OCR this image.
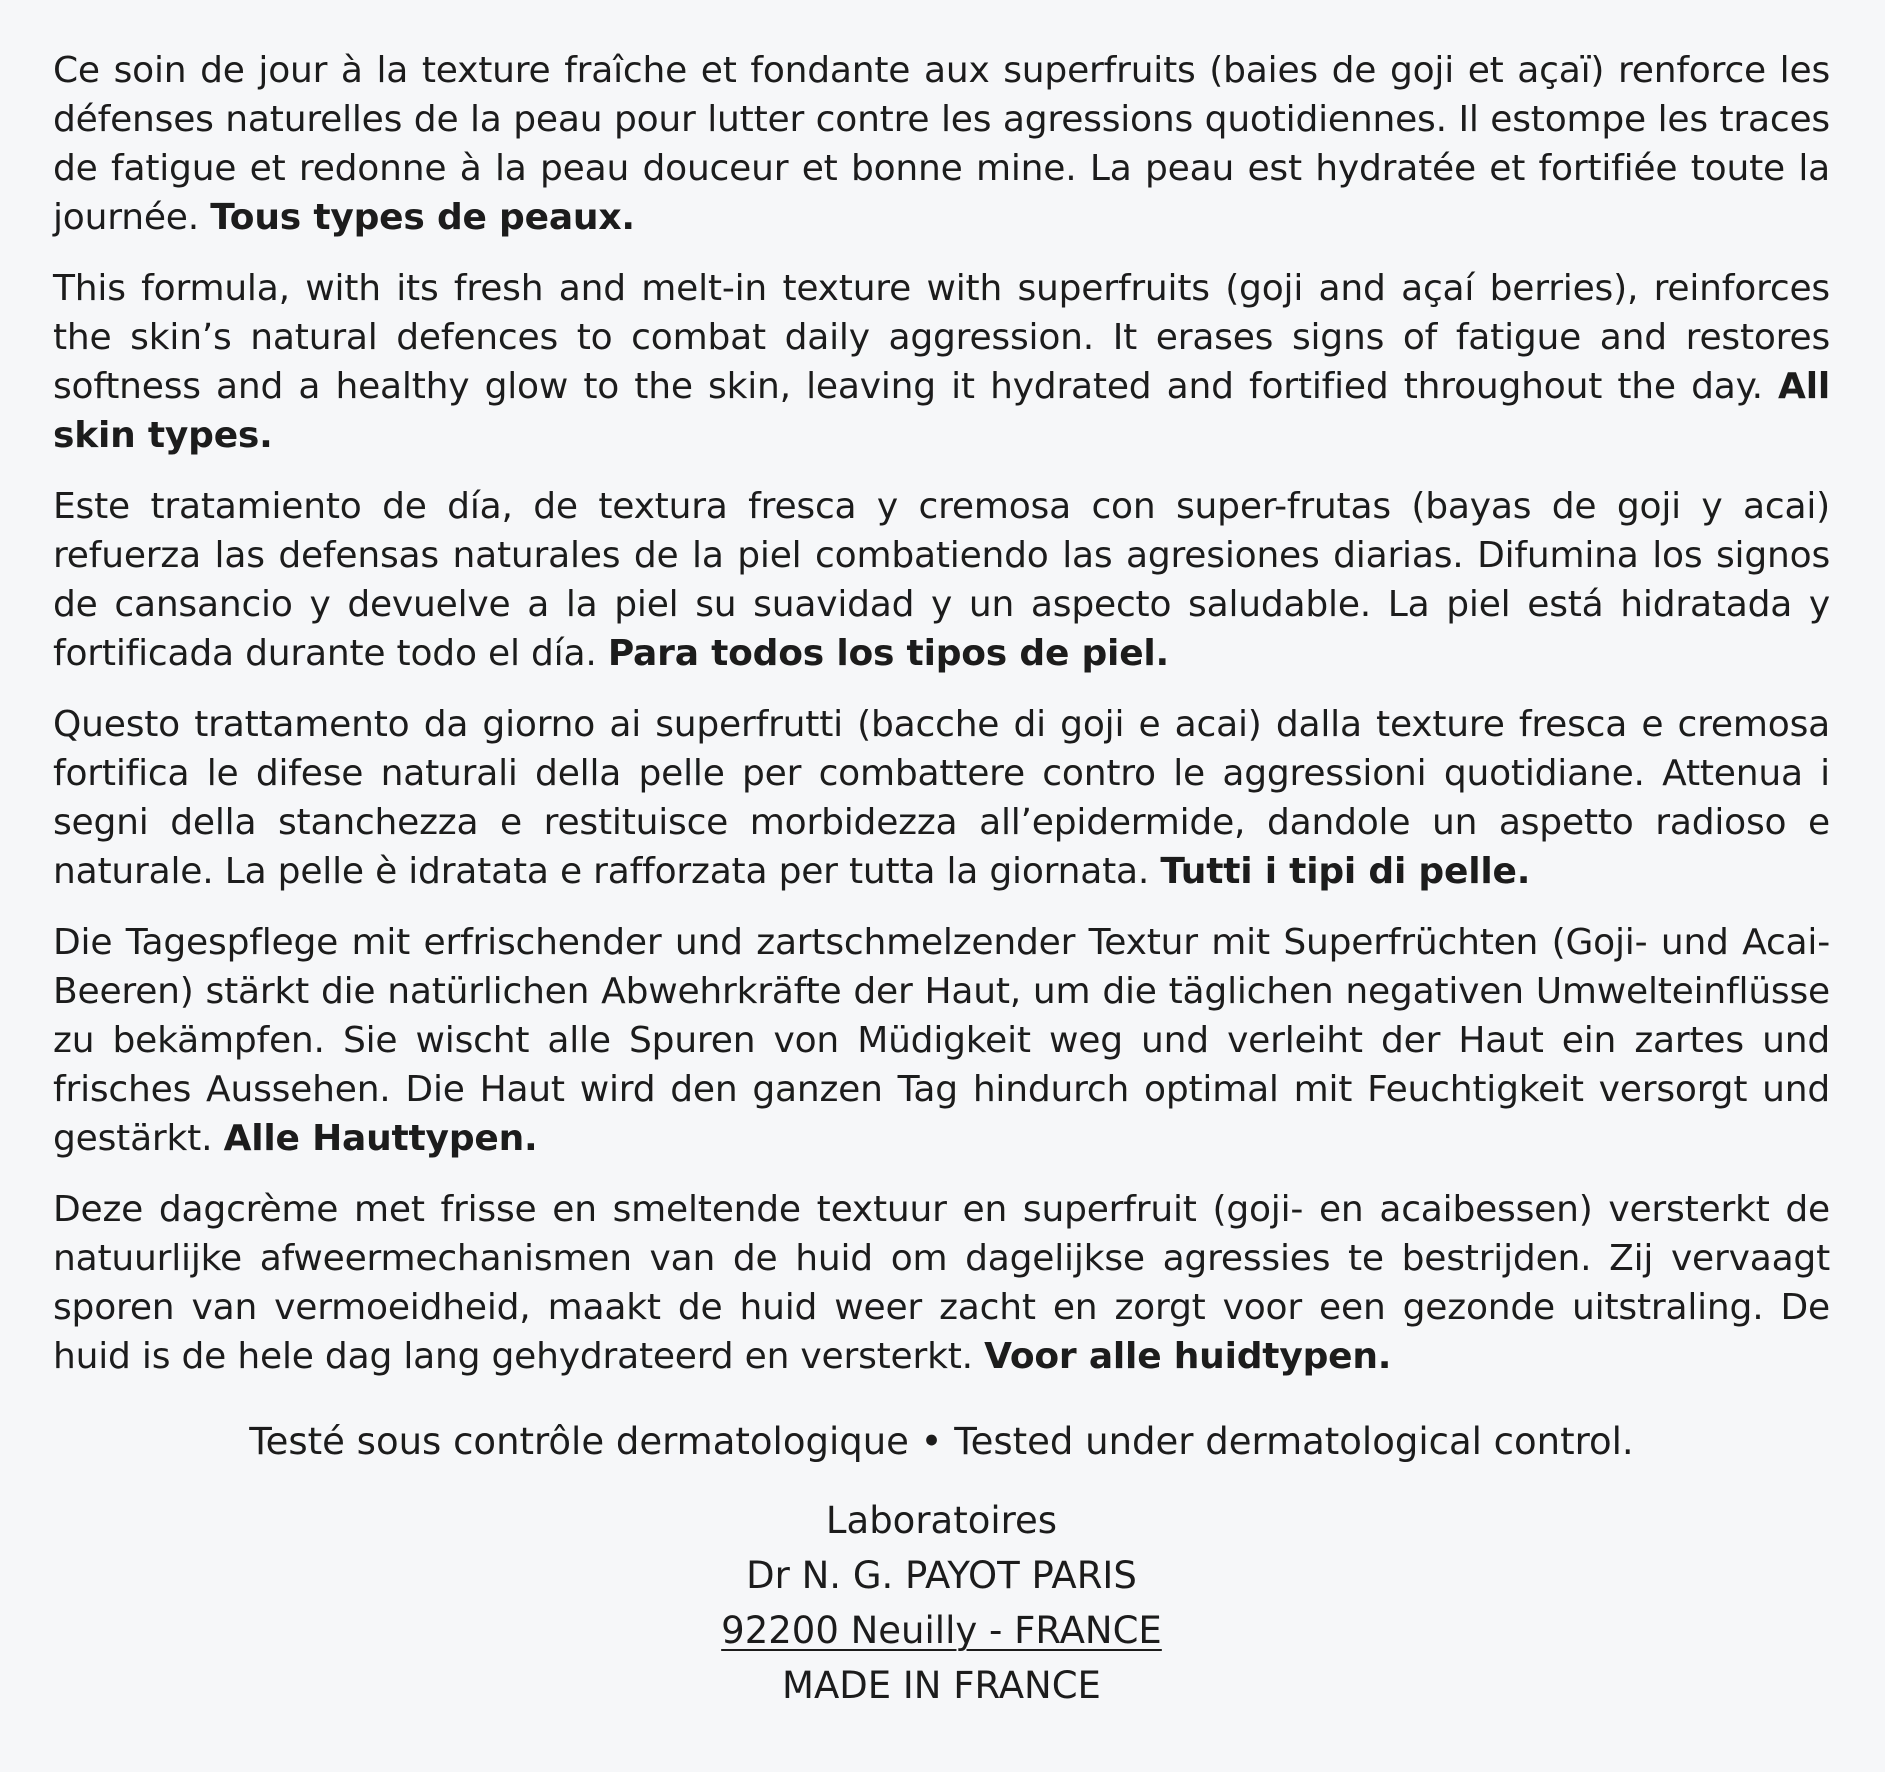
Ce soin de jour à la texture fraîche et fondante aux superfruits (baies de goji et açaï) renforce les défenses naturelles de la peau pour lutter contre les agressions quotidiennes. Il estompe les traces de fatigue et redonne à la peau douceur et bonne mine. La peau est hydratée et fortifiée toute la journée. Tous types de peaux.

This formula, with its fresh and melt-in texture with superfruits (goji and açaí berries), reinforces the skin’s natural defences to combat daily aggression. It erases signs of fatigue and restores softness and a healthy glow to the skin, leaving it hydrated and fortified throughout the day. All skin types.

Este tratamiento de día, de textura fresca y cremosa con super-frutas (bayas de goji y acai) refuerza las defensas naturales de la piel combatiendo las agresiones diarias. Difumina los signos de cansancio y devuelve a la piel su suavidad y un aspecto saludable. La piel está hidratada y fortificada durante todo el día. Para todos los tipos de piel.

Questo trattamento da giorno ai superfrutti (bacche di goji e acai) dalla texture fresca e cremosa fortifica le difese naturali della pelle per combattere contro le aggressioni quotidiane. Attenua i segni della stanchezza e restituisce morbidezza all’epidermide, dandole un aspetto radioso e naturale. La pelle è idratata e rafforzata per tutta la giornata. Tutti i tipi di pelle.

Die Tagespflege mit erfrischender und zartschmelzender Textur mit Superfrüchten (Goji- und Acai-Beeren) stärkt die natürlichen Abwehrkräfte der Haut, um die täglichen negativen Umwelteinflüsse zu bekämpfen. Sie wischt alle Spuren von Müdigkeit weg und verleiht der Haut ein zartes und frisches Aussehen. Die Haut wird den ganzen Tag hindurch optimal mit Feuchtigkeit versorgt und gestärkt. Alle Hauttypen.

Deze dagcrème met frisse en smeltende textuur en superfruit (goji- en acaibessen) versterkt de natuurlijke afweermechanismen van de huid om dagelijkse agressies te bestrijden. Zij vervaagt sporen van vermoeidheid, maakt de huid weer zacht en zorgt voor een gezonde uitstraling. De huid is de hele dag lang gehydrateerd en versterkt. Voor alle huidtypen.

Testé sous contrôle dermatologique • Tested under dermatological control.
Laboratoires
Dr N. G. PAYOT PARIS
92200 Neuilly - FRANCE
MADE IN FRANCE
